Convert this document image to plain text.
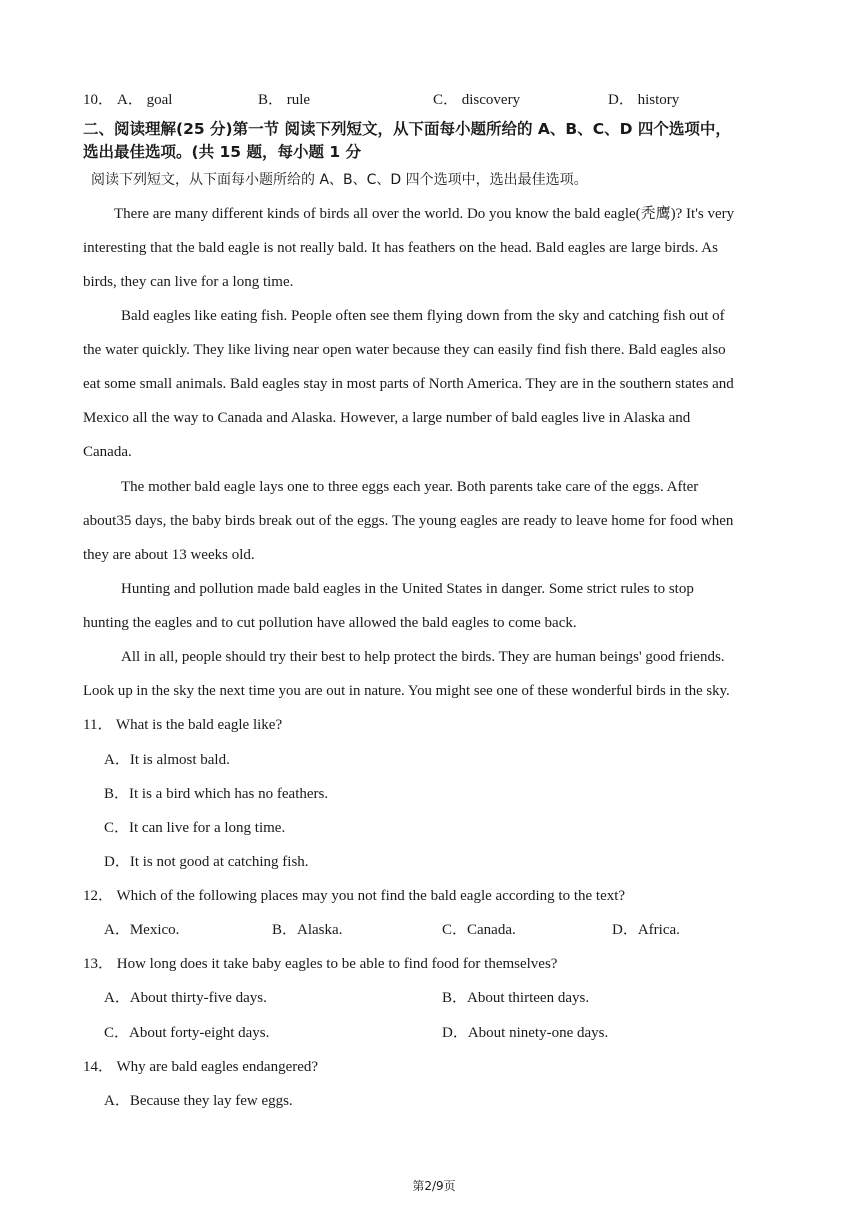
10． A． goal	B． rule	C． discovery	D． history
二、阅读理解(25 分)第一节 阅读下列短文，从下面每小题所给的 A、B、C、D 四个选项中，
选出最佳选项。(共 15 题，每小题 1 分
阅读下列短文，从下面每小题所给的 A、B、C、D 四个选项中，选出最佳选项。
There are many different kinds of birds all over the world. Do you know the bald eagle(秃鹰)? It's very
interesting that the bald eagle is not really bald. It has feathers on the head. Bald eagles are large birds. As
birds, they can live for a long time.
Bald eagles like eating fish. People often see them flying down from the sky and catching fish out of
the water quickly. They like living near open water because they can easily find fish there. Bald eagles also
eat some small animals. Bald eagles stay in most parts of North America. They are in the southern states and
Mexico all the way to Canada and Alaska. However, a large number of bald eagles live in Alaska and
Canada.
The mother bald eagle lays one to three eggs each year. Both parents take care of the eggs. After
about35 days, the baby birds break out of the eggs. The young eagles are ready to leave home for food when
they are about 13 weeks old.
Hunting and pollution made bald eagles in the United States in danger. Some strict rules to stop
hunting the eagles and to cut pollution have allowed the bald eagles to come back.
All in all, people should try their best to help protect the birds. They are human beings' good friends.
Look up in the sky the next time you are out in nature. You might see one of these wonderful birds in the sky.
11． What is the bald eagle like?
A．It is almost bald.
B．It is a bird which has no feathers.
C．It can live for a long time.
D．It is not good at catching fish.
12． Which of the following places may you not find the bald eagle according to the text?
A．Mexico.	B．Alaska.	C．Canada.	D．Africa.
13． How long does it take baby eagles to be able to find food for themselves?
A．About thirty-five days.	B．About thirteen days.
C．About forty-eight days.	D．About ninety-one days.
14． Why are bald eagles endangered?
A．Because they lay few eggs.
第2/9页
